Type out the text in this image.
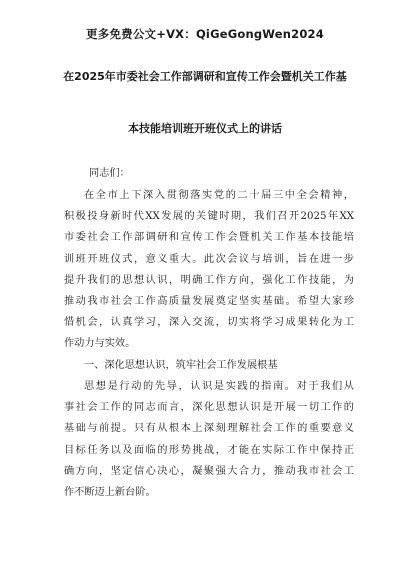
更多免费公文+VX：QiGeGongWen2024
在2025年市委社会工作部调研和宣传工作会暨机关工作基
本技能培训班开班仪式上的讲话
同志们：
在全市上下深入贯彻落实党的二十届三中全会精神，
积极投身新时代XX发展的关键时期，我们召开2025年XX
市委社会工作部调研和宣传工作会暨机关工作基本技能培
训班开班仪式，意义重大。此次会议与培训，旨在进一步
提升我们的思想认识，明确工作方向，强化工作技能，为
推动我市社会工作高质量发展奠定坚实基础。希望大家珍
惜机会，认真学习，深入交流，切实将学习成果转化为工
作动力与实效。
一、深化思想认识，筑牢社会工作发展根基
思想是行动的先导，认识是实践的指南。对于我们从
事社会工作的同志而言，深化思想认识是开展一切工作的
基础与前提。只有从根本上深刻理解社会工作的重要意义
目标任务以及面临的形势挑战，才能在实际工作中保持正
确方向，坚定信心决心，凝聚强大合力，推动我市社会工
作不断迈上新台阶。
